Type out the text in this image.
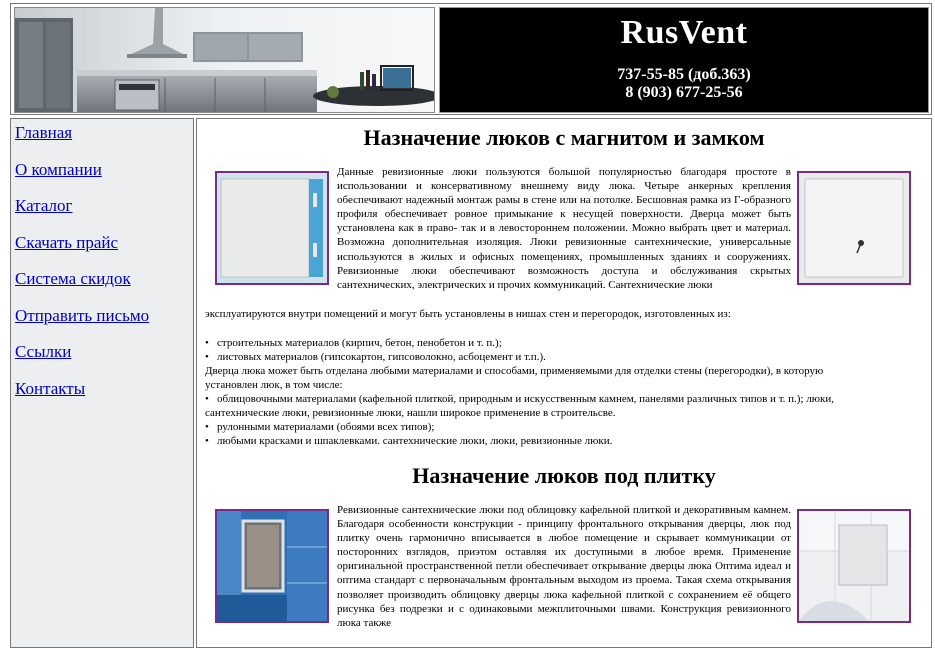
RusVent
737-55-85 (доб.363)
8 (903) 677-25-56
Главная
О компании
Каталог
Скачать прайс
Система скидок
Отправить письмо
Ссылки
Контакты
Назначение люков с магнитом и замком
Данные ревизионные люки пользуются большой популярностью благодаря простоте в использовании и консервативному внешнему виду люка. Четыре анкерных крепления обеспечивают надежный монтаж рамы в стене или на потолке. Бесшовная рамка из Г-образного профиля обеспечивает ровное примыкание к несущей поверхности. Дверца может быть установлена как в право- так и в левостороннем положении. Можно выбрать цвет и материал. Возможна дополнительная изоляция. Люки ревизионные сантехнические, универсальные используются в жилых и офисных помещениях, промышленных зданиях и сооружениях. Ревизионные люки обеспечивают возможность доступа и обслуживания скрытых сантехнических, электрических и прочих коммуникаций. Сантехнические люки
эксплуатируются внутри помещений и могут быть установлены в нишах стен и перегородок, изготовленных из:
• строительных материалов (кирпич, бетон, пенобетон и т. п.);
• листовых материалов (гипсокартон, гипсоволокно, асбоцемент и т.п.).
Дверца люка может быть отделана любыми материалами и способами, применяемыми для отделки стены (перегородки), в которую
установлен люк, в том числе:
• облицовочными материалами (кафельной плиткой, природным и искусственным камнем, панелями различных типов и т. п.); люки,
сантехнические люки, ревизионные люки, нашли широкое применение в строительсве.
• рулонными материалами (обоями всех типов);
• любыми красками и шпаклевками. сантехнические люки, люки, ревизионные люки.
Назначение люков под плитку
Ревизионные сантехнические люки под облицовку кафельной плиткой и декоративным камнем. Благодаря особенности конструкции - принципу фронтального открывания дверцы, люк под плитку очень гармонично вписывается в любое помещение и скрывает коммуникации от посторонних взглядов, приэтом оставляя их доступными в любое время. Применение оригинальной пространственной петли обеспечивает открывание дверцы люка Оптима идеал и оптима стандарт с первоначальным фронтальным выходом из проема. Такая схема открывания позволяет производить облицовку дверцы люка кафельной плиткой с сохранением её общего рисунка без подрезки и с одинаковыми межплиточными швами. Конструкция ревизионного люка также
